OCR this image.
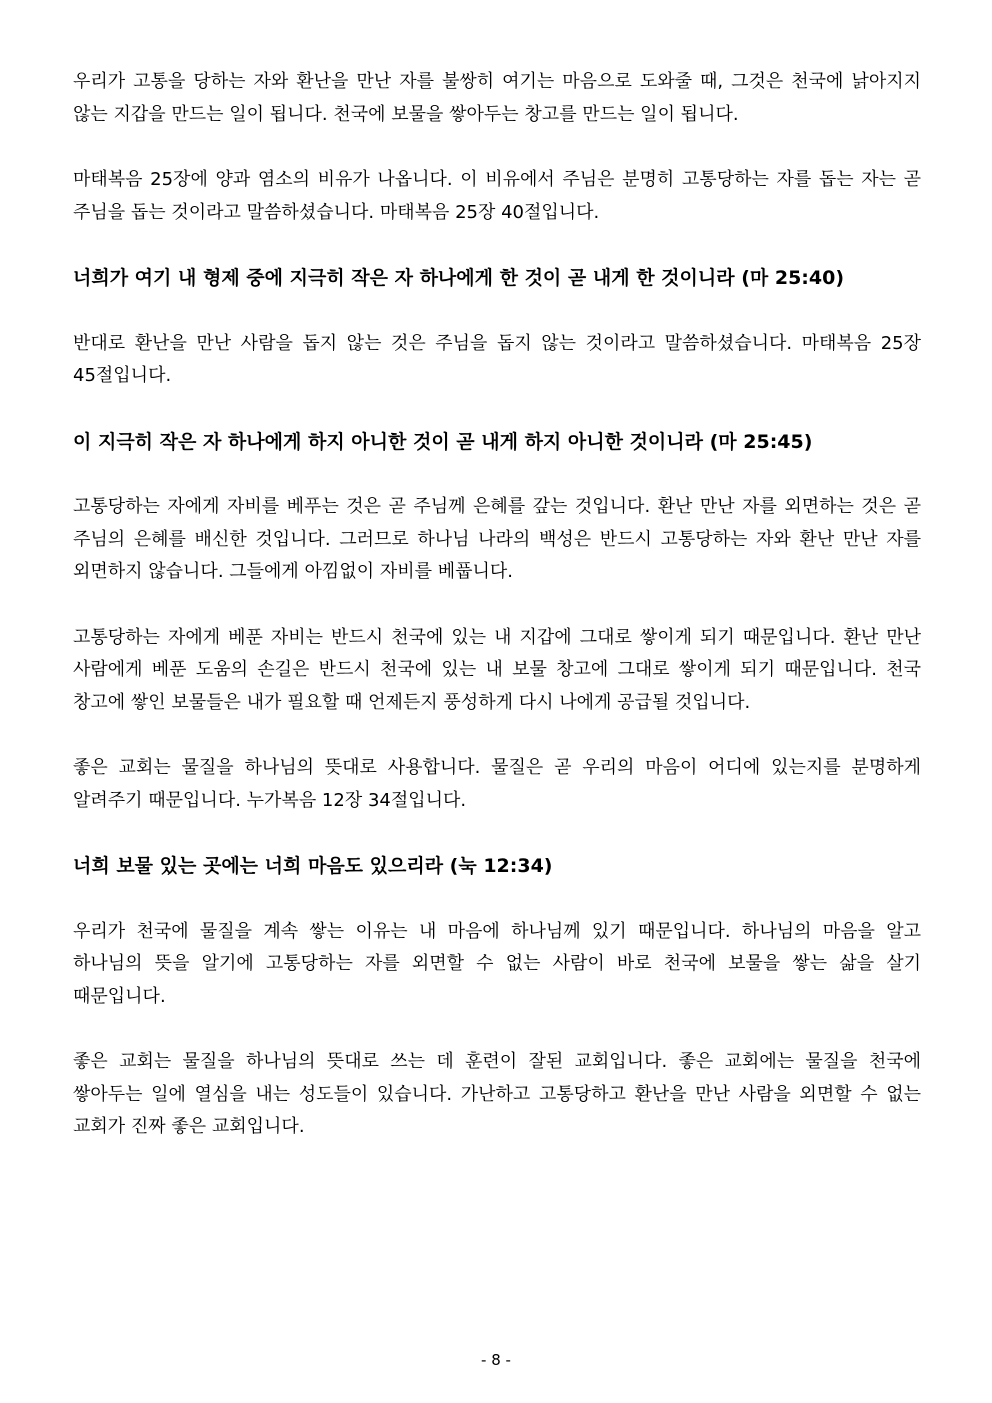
우리가 고통을 당하는 자와 환난을 만난 자를 불쌍히 여기는 마음으로 도와줄 때, 그것은 천국에 낡아지지 않는 지갑을 만드는 일이 됩니다. 천국에 보물을 쌓아두는 창고를 만드는 일이 됩니다.

마태복음 25장에 양과 염소의 비유가 나옵니다. 이 비유에서 주님은 분명히 고통당하는 자를 돕는 자는 곧 주님을 돕는 것이라고 말씀하셨습니다. 마태복음 25장 40절입니다.

너희가 여기 내 형제 중에 지극히 작은 자 하나에게 한 것이 곧 내게 한 것이니라 (마 25:40)

반대로 환난을 만난 사람을 돕지 않는 것은 주님을 돕지 않는 것이라고 말씀하셨습니다. 마태복음 25장 45절입니다.

이 지극히 작은 자 하나에게 하지 아니한 것이 곧 내게 하지 아니한 것이니라 (마 25:45)

고통당하는 자에게 자비를 베푸는 것은 곧 주님께 은혜를 갚는 것입니다. 환난 만난 자를 외면하는 것은 곧 주님의 은혜를 배신한 것입니다. 그러므로 하나님 나라의 백성은 반드시 고통당하는 자와 환난 만난 자를 외면하지 않습니다. 그들에게 아낌없이 자비를 베풉니다.

고통당하는 자에게 베푼 자비는 반드시 천국에 있는 내 지갑에 그대로 쌓이게 되기 때문입니다. 환난 만난 사람에게 베푼 도움의 손길은 반드시 천국에 있는 내 보물 창고에 그대로 쌓이게 되기 때문입니다. 천국 창고에 쌓인 보물들은 내가 필요할 때 언제든지 풍성하게 다시 나에게 공급될 것입니다.

좋은 교회는 물질을 하나님의 뜻대로 사용합니다. 물질은 곧 우리의 마음이 어디에 있는지를 분명하게 알려주기 때문입니다. 누가복음 12장 34절입니다.

너희 보물 있는 곳에는 너희 마음도 있으리라 (눅 12:34)

우리가 천국에 물질을 계속 쌓는 이유는 내 마음에 하나님께 있기 때문입니다. 하나님의 마음을 알고 하나님의 뜻을 알기에 고통당하는 자를 외면할 수 없는 사람이 바로 천국에 보물을 쌓는 삶을 살기 때문입니다.

좋은 교회는 물질을 하나님의 뜻대로 쓰는 데 훈련이 잘된 교회입니다. 좋은 교회에는 물질을 천국에 쌓아두는 일에 열심을 내는 성도들이 있습니다. 가난하고 고통당하고 환난을 만난 사람을 외면할 수 없는 교회가 진짜 좋은 교회입니다.

- 8 -
